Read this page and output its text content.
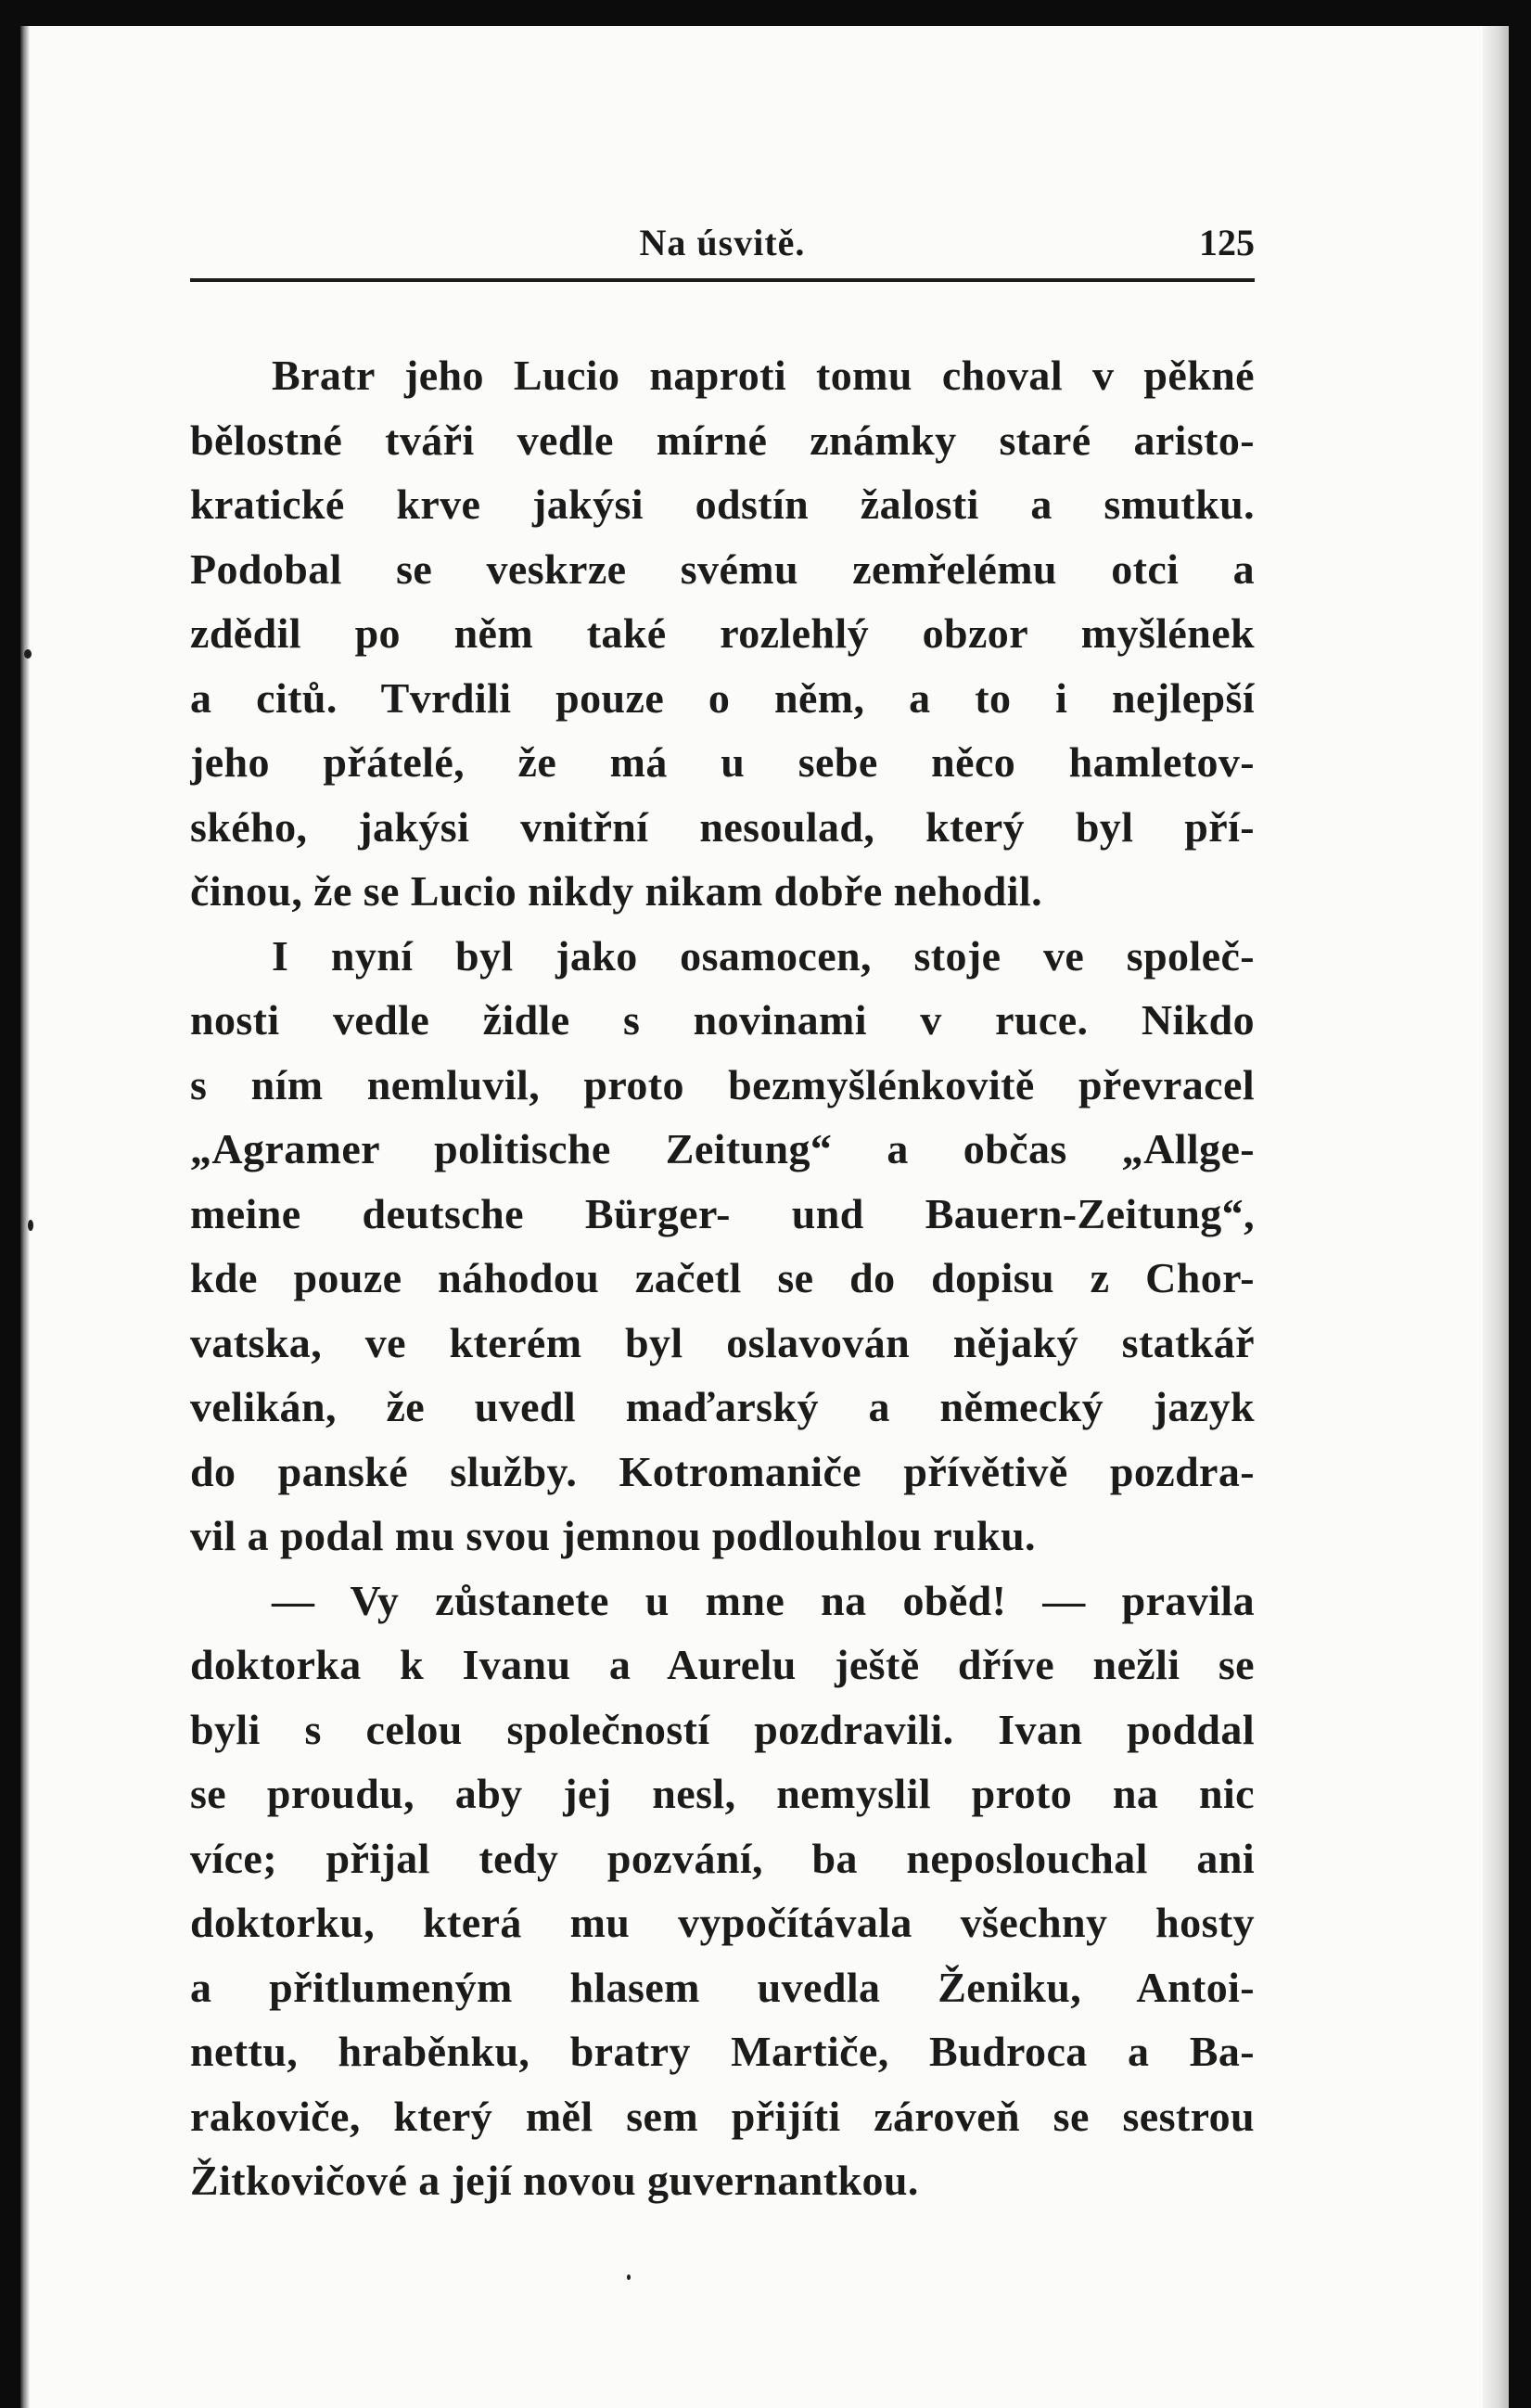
Na úsvitě.	125
Bratr jeho Lucio naproti tomu choval v pěkné
bělostné tváři vedle mírné známky staré aristo-
kratické krve jakýsi odstín žalosti a smutku.
Podobal se veskrze svému zemřelému otci a
zdědil po něm také rozlehlý obzor myšlének
a citů. Tvrdili pouze o něm, a to i nejlepší
jeho přátelé, že má u sebe něco hamletov-
ského, jakýsi vnitřní nesoulad, který byl pří-
činou, že se Lucio nikdy nikam dobře nehodil.
I nyní byl jako osamocen, stoje ve společ-
nosti vedle židle s novinami v ruce. Nikdo
s ním nemluvil, proto bezmyšlénkovitě převracel
„Agramer politische Zeitung“ a občas „Allge-
meine deutsche Bürger- und Bauern-Zeitung“,
kde pouze náhodou začetl se do dopisu z Chor-
vatska, ve kterém byl oslavován nějaký statkář
velikán, že uvedl maďarský a německý jazyk
do panské služby. Kotromaniče přívětivě pozdra-
vil a podal mu svou jemnou podlouhlou ruku.
— Vy zůstanete u mne na oběd! — pravila
doktorka k Ivanu a Aurelu ještě dříve nežli se
byli s celou společností pozdravili. Ivan poddal
se proudu, aby jej nesl, nemyslil proto na nic
více; přijal tedy pozvání, ba neposlouchal ani
doktorku, která mu vypočítávala všechny hosty
a přitlumeným hlasem uvedla Ženiku, Antoi-
nettu, hraběnku, bratry Martiče, Budroca a Ba-
rakoviče, který měl sem přijíti zároveň se sestrou
Žitkovičové a její novou guvernantkou.
